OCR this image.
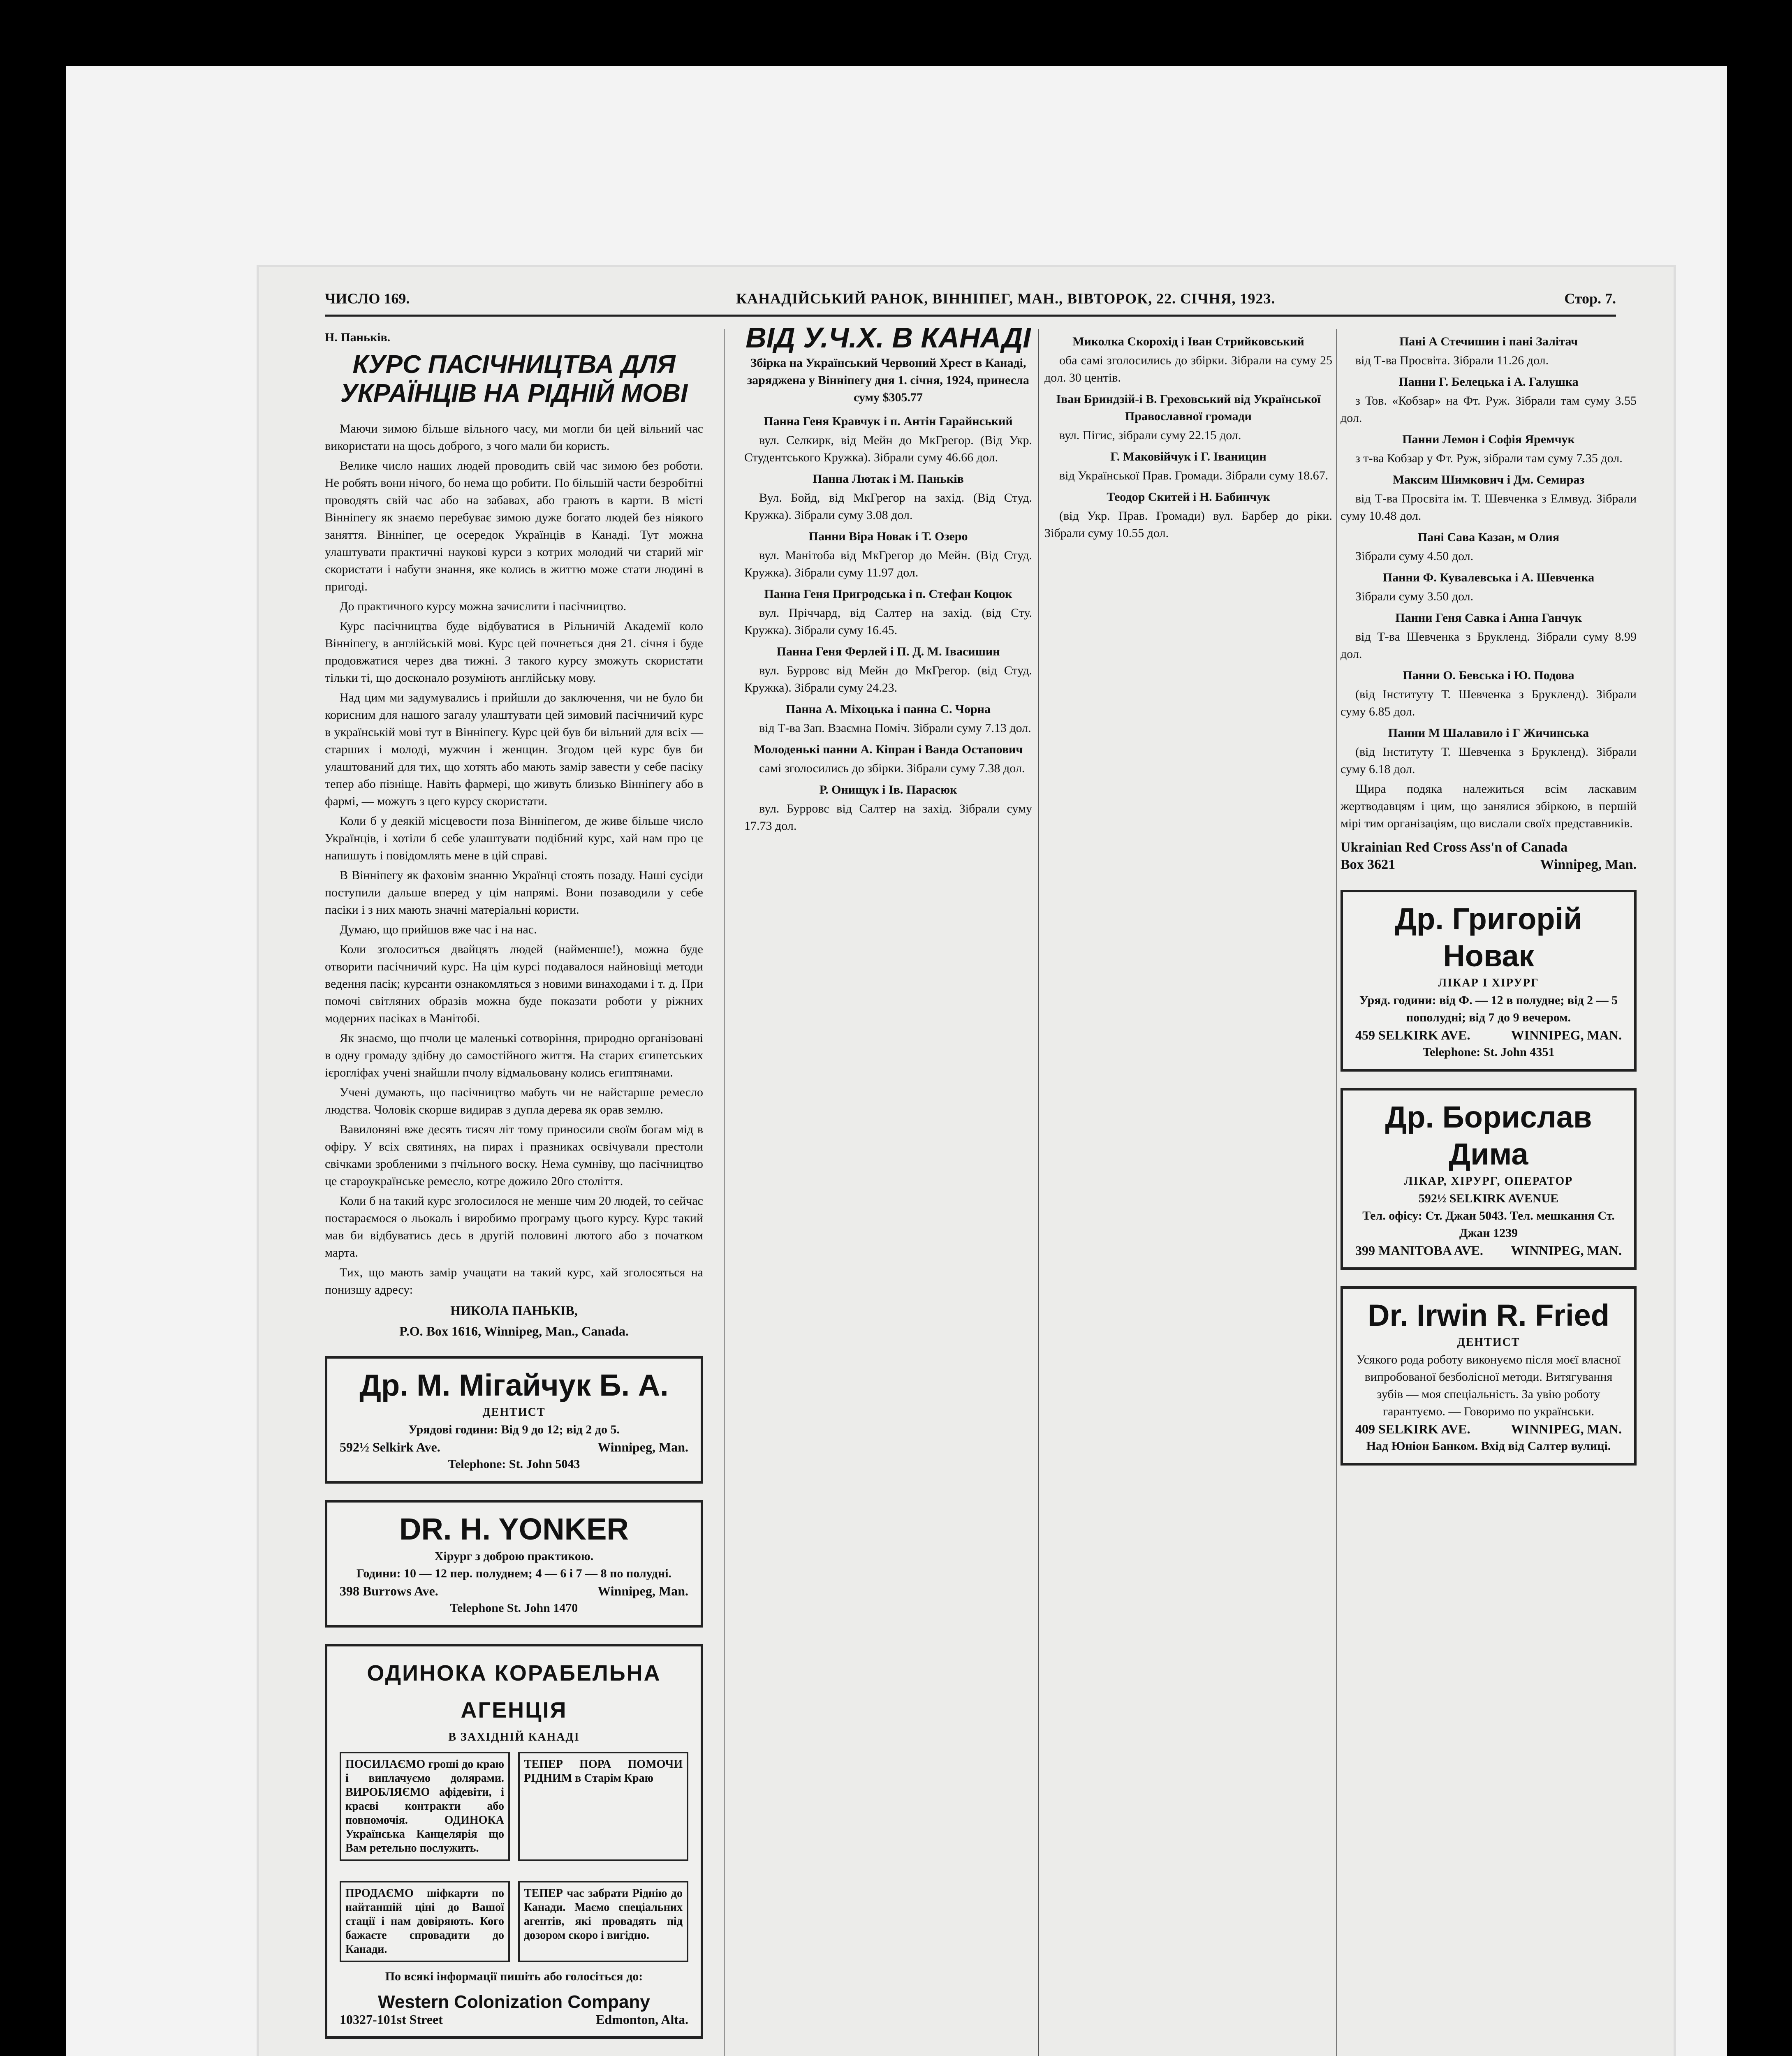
ЧИСЛО 169.	КАНАДІЙСЬКИЙ РАНОК, ВІННІПЕГ, МАН., ВІВТОРОК, 22. СІЧНЯ, 1923.	Стор. 7.
Н. Паньків.
КУРС ПАСІЧНИЦТВА ДЛЯ УКРАЇНЦІВ НА РІДНІЙ МОВІ

Маючи зимою більше вільного часу, ми могли би цей вільний час використати на щось доброго, з чого мали би користь.

Велике число наших людей проводить свій час зимою без роботи. Не робять вони нічого, бо нема що робити. По більшій части безробітні проводять свій час або на забавах, або грають в карти. В місті Вінніпегу як знаємо перебуває зимою дуже богато людей без ніякого заняття. Вінніпег, це осередок Українців в Канаді. Тут можна улаштувати практичні наукові курси з котрих молодий чи старий міг скористати і набути знання, яке колись в життю може стати людині в пригоді.

До практичного курсу можна зачислити і пасічництво.

Курс пасічництва буде відбуватися в Рільничій Академії коло Вінніпегу, в англійській мові. Курс цей почнеться дня 21. січня і буде продовжатися через два тижні. З такого курсу зможуть скористати тільки ті, що досконало розуміють англійську мову.

Над цим ми задумувались і прийшли до заключення, чи не було би корисним для нашого загалу улаштувати цей зимовий пасічничий курс в українській мові тут в Вінніпегу. Курс цей був би вільний для всіх — старших і молоді, мужчин і женщин. Згодом цей курс був би улаштований для тих, що хотять або мають замір завести у себе пасіку тепер або пізніще. Навіть фармері, що живуть близько Вінніпегу або в фармі, — можуть з цего курсу скористати.

Коли б у деякій місцевости поза Вінніпегом, де живе більше число Українців, і хотіли б себе улаштувати подібний курс, хай нам про це напишуть і повідомлять мене в цій справі.

В Вінніпегу як фаховім знанню Українці стоять позаду. Наші сусіди поступили дальше вперед у цім напрямі. Вони позаводили у себе пасіки і з них мають значні матеріальні користи.

Думаю, що прийшов вже час і на нас.

Коли зголоситься двайцять людей (найменше!), можна буде отворити пасічничий курс. На цім курсі подавалося найновіщі методи ведення пасік; курсанти ознакомляться з новими винаходами і т. д. При помочі світляних образів можна буде показати роботи у ріжних модерних пасіках в Манітобі.

Як знаємо, що пчоли це маленькі сотворіння, природно організовані в одну громаду здібну до самостійного життя. На старих єгипетських ієрогліфах учені знайшли пчолу відмальовану колись египтянами.

Учені думають, що пасічництво мабуть чи не найстарше ремесло людства. Чоловік скорше видирав з дупла дерева як орав землю.

Вавилоняні вже десять тисяч літ тому приносили своїм богам мід в офіру. У всіх святинях, на пирах і празниках освічували престоли свічками зробленими з пчільного воску. Нема сумніву, що пасічництво це староукраїнське ремесло, котре дожило 20го століття.

Коли б на такий курс зголосилося не менше чим 20 людей, то сейчас постараємося о льокаль і виробимо програму цього курсу. Курс такий мав би відбуватись десь в другій половині лютого або з початком марта.

Тих, що мають замір учащати на такий курс, хай зголосяться на понизшу адресу:

НИКОЛА ПАНЬКІВ,
P.O. Box 1616, Winnipeg, Man., Canada.
Др. М. Мігайчук Б. А.
ДЕНТИСТ
Урядові години: Від 9 до 12; від 2 до 5.
592½ Selkirk Ave.	Winnipeg, Man.
Telephone: St. John 5043
DR. H. YONKER
Хірург з доброю практикою.
Години: 10 — 12 пер. полуднем; 4 — 6 і 7 — 8 по полудні.
398 Burrows Ave.	Winnipeg, Man.
Telephone St. John 1470
ОДИНОКА КОРАБЕЛЬНА АГЕНЦІЯ
В ЗАХІДНІЙ КАНАДІ
ПОСИЛАЄМО гроші до краю і виплачуємо долярами. ВИРОБЛЯЄМО афідевіти, і краєві контракти або повномочія. ОДИНОКА Українська Канцелярія що Вам ретельно послужить.
ТЕПЕР ПОРА ПОМОЧИ РІДНИМ в Старім Краю
ПРОДАЄМО шіфкарти по найтаншій ціні до Вашої стації і нам довіряють. Кого бажаєте спровадити до Канади.
ТЕПЕР час забрати Ріднію до Канади. Маємо спеціальних агентів, які провадять під дозором скоро і вигідно.
По всякі інформації пишіть або голосіться до:
Western Colonization Company
10327-101st Street	Edmonton, Alta.
ВІД У.Ч.Х. В КАНАДІ
Збірка на Український Червоний Хрест в Канаді, заряджена у Вінніпегу дня 1. січня, 1924, принесла суму $305.77
Панна Геня Кравчук і п. Антін Гарайнський

вул. Селкирк, від Мейн до МкГрегор. (Від Укр. Студентського Кружка). Зібрали суму 46.66 дол.

Панна Лютак і М. Паньків

Вул. Бойд, від МкГрегор на захід. (Від Студ. Кружка). Зібрали суму 3.08 дол.

Панни Віра Новак і Т. Озеро

вул. Манітоба від МкГрегор до Мейн. (Від Студ. Кружка). Зібрали суму 11.97 дол.

Панна Геня Пригродська і п. Стефан Коцюк

вул. Пріччард, від Салтер на захід. (від Сту. Кружка). Зібрали суму 16.45.

Панна Геня Ферлей і П. Д. М. Івасишин

вул. Бурровс від Мейн до МкГрегор. (від Студ. Кружка). Зібрали суму 24.23.

Панна А. Міхоцька і панна С. Чорна

від Т-ва Зап. Взаємна Поміч. Зібрали суму 7.13 дол.

Молоденькі панни А. Кіпран і Ванда Остапович

самі зголосились до збірки. Зібрали суму 7.38 дол.

Р. Онищук і Ів. Парасюк

вул. Бурровс від Салтер на захід. Зібрали суму 17.73 дол.

Миколка Скорохід і Іван Стрийковський

оба самі зголосились до збірки. Зібрали на суму 25 дол. 30 центів.

Іван Бриндзій-і В. Греховський від Української Православної громади

вул. Пігис, зібрали суму 22.15 дол.

Г. Маковійчук і Г. Іваницин

від Української Прав. Громади. Зібрали суму 18.67.

Теодор Скитей і Н. Бабинчук

(від Укр. Прав. Громади) вул. Барбер до ріки. Зібрали суму 10.55 дол.

Пані А Стечишин і пані Залітач

від Т-ва Просвіта. Зібрали 11.26 дол.

Панни Г. Белецька і А. Галушка

з Тов. «Кобзар» на Фт. Руж. Зібрали там суму 3.55 дол.

Панни Лемон і Софія Яремчук

з т-ва Кобзар у Фт. Руж, зібрали там суму 7.35 дол.

Максим Шимкович і Дм. Семираз

від Т-ва Просвіта ім. Т. Шевченка з Елмвуд. Зібрали суму 10.48 дол.

Пані Сава Казан, м Олия

Зібрали суму 4.50 дол.

Панни Ф. Кувалевська і А. Шевченка

Зібрали суму 3.50 дол.

Панни Геня Савка і Анна Ганчук

від Т-ва Шевченка з Брукленд. Зібрали суму 8.99 дол.

Панни О. Бевська і Ю. Подова

(від Інституту Т. Шевченка з Брукленд). Зібрали суму 6.85 дол.

Панни М Шалавило і Г Жичинська

(від Інституту Т. Шевченка з Брукленд). Зібрали суму 6.18 дол.

Щира подяка належиться всім ласкавим жертводавцям і цим, що занялися збіркою, в першій мірі тим організаціям, що вислали своїх представників.

Ukrainian Red Cross Ass'n of Canada
Box 3621	Winnipeg, Man.
Др. Григорій Новак
ЛІКАР І ХІРУРГ
Уряд. години: від Ф. — 12 в полудне; від 2 — 5 пополудні; від 7 до 9 вечером.
459 SELKIRK AVE.	WINNIPEG, MAN.
Telephone: St. John 4351
Др. Борислав Дима
ЛІКАР, ХІРУРГ, ОПЕРАТОР
592½ SELKIRK AVENUE
Тел. офісу: Ст. Джан 5043. Тел. мешкання Ст. Джан 1239
399 MANITOBA AVE. WINNIPEG, MAN.
Dr. Irwin R. Fried
ДЕНТИСТ
Усякого рода роботу виконуємо після моєї власної випробованої безболісної методи. Витягування зубів — моя спеціальність. За увію роботу гарантуємо. — Говоримо по українськи.
409 SELKIRK AVE.	WINNIPEG, MAN.
Над Юніон Банком. Вхід від Салтер вулиці.
